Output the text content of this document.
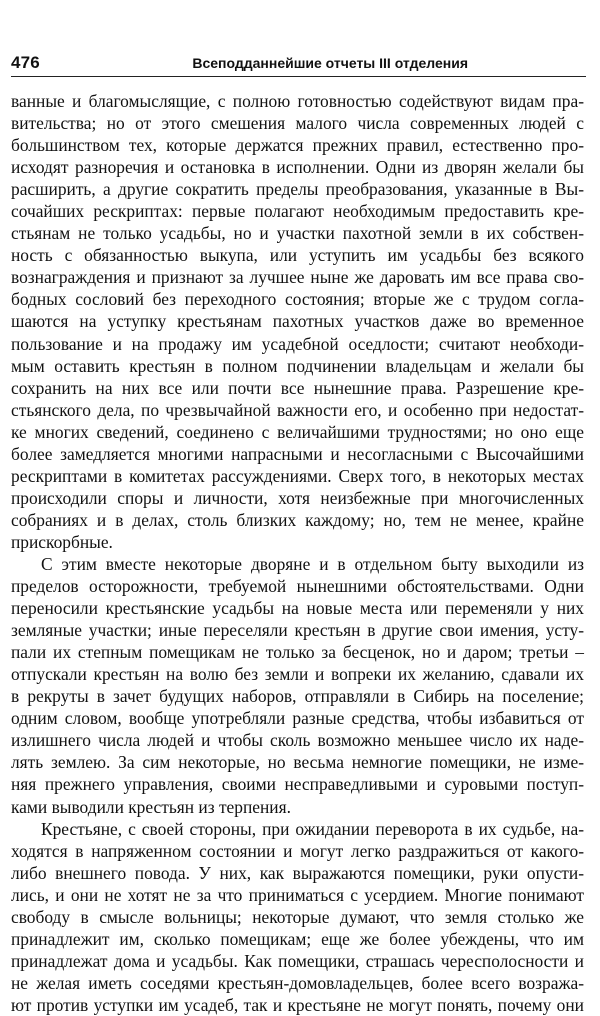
476	Всеподданнейшие отчеты III отделения
ванные и благомыслящие, с полною готовностью содействуют видам пра-
вительства; но от этого смешения малого числа современных людей с
большинством тех, которые держатся прежних правил, естественно про-
исходят разноречия и остановка в исполнении. Одни из дворян желали бы
расширить, а другие сократить пределы преобразования, указанные в Вы-
сочайших рескриптах: первые полагают необходимым предоставить кре-
стьянам не только усадьбы, но и участки пахотной земли в их собствен-
ность с обязанностью выкупа, или уступить им усадьбы без всякого
вознаграждения и признают за лучшее ныне же даровать им все права сво-
бодных сословий без переходного состояния; вторые же с трудом согла-
шаются на уступку крестьянам пахотных участков даже во временное
пользование и на продажу им усадебной оседлости; считают необходи-
мым оставить крестьян в полном подчинении владельцам и желали бы
сохранить на них все или почти все нынешние права. Разрешение кре-
стьянского дела, по чрезвычайной важности его, и особенно при недостат-
ке многих сведений, соединено с величайшими трудностями; но оно еще
более замедляется многими напрасными и несогласными с Высочайшими
рескриптами в комитетах рассуждениями. Сверх того, в некоторых местах
происходили споры и личности, хотя неизбежные при многочисленных
собраниях и в делах, столь близких каждому; но, тем не менее, крайне
прискорбные.
С этим вместе некоторые дворяне и в отдельном быту выходили из
пределов осторожности, требуемой нынешними обстоятельствами. Одни
переносили крестьянские усадьбы на новые места или переменяли у них
земляные участки; иные переселяли крестьян в другие свои имения, усту-
пали их степным помещикам не только за бесценок, но и даром; третьи –
отпускали крестьян на волю без земли и вопреки их желанию, сдавали их
в рекруты в зачет будущих наборов, отправляли в Сибирь на поселение;
одним словом, вообще употребляли разные средства, чтобы избавиться от
излишнего числа людей и чтобы сколь возможно меньшее число их наде-
лять землею. За сим некоторые, но весьма немногие помещики, не изме-
няя прежнего управления, своими несправедливыми и суровыми поступ-
ками выводили крестьян из терпения.
Крестьяне, с своей стороны, при ожидании переворота в их судьбе, на-
ходятся в напряженном состоянии и могут легко раздражиться от какого-
либо внешнего повода. У них, как выражаются помещики, руки опусти-
лись, и они не хотят не за что приниматься с усердием. Многие понимают
свободу в смысле вольницы; некоторые думают, что земля столько же
принадлежит им, сколько помещикам; еще же более убеждены, что им
принадлежат дома и усадьбы. Как помещики, страшась чересполосности и
не желая иметь соседями крестьян-домовладельцев, более всего возража-
ют против уступки им усадеб, так и крестьяне не могут понять, почему они
